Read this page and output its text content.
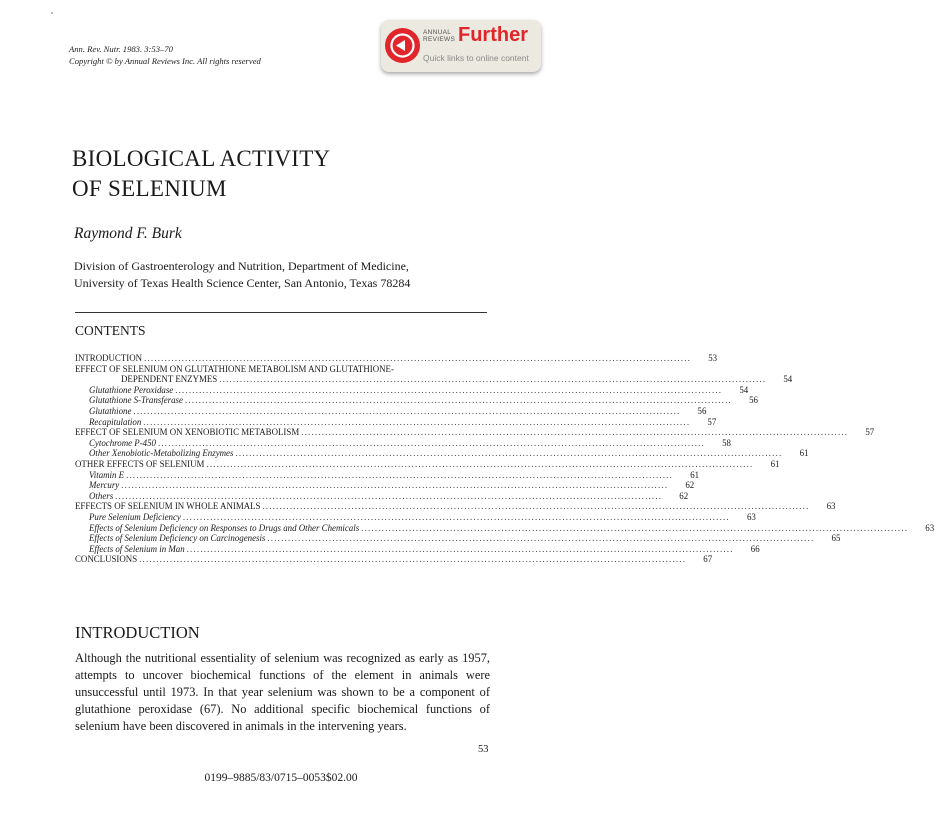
Ann. Rev. Nutr. 1983. 3:53–70
Copyright © by Annual Reviews Inc. All rights reserved
ANNUAL
REVIEWS Further
Quick links to online content
BIOLOGICAL ACTIVITY
OF SELENIUM
Raymond F. Burk
Division of Gastroenterology and Nutrition, Department of Medicine,
University of Texas Health Science Center, San Antonio, Texas 78284
CONTENTS
INTRODUCTION ................................................................................................................................................................	53
EFFECT OF SELENIUM ON GLUTATHIONE METABOLISM AND GLUTATHIONE-
DEPENDENT ENZYMES ................................................................................................................................................................	54
Glutathione Peroxidase ................................................................................................................................................................	54
Glutathione S-Transferase ................................................................................................................................................................	56
Glutathione ................................................................................................................................................................	56
Recapitulation ................................................................................................................................................................	57
EFFECT OF SELENIUM ON XENOBIOTIC METABOLISM ................................................................................................................................................................	57
Cytochrome P-450 ................................................................................................................................................................	58
Other Xenobiotic-Metabolizing Enzymes ................................................................................................................................................................	61
OTHER EFFECTS OF SELENIUM ................................................................................................................................................................	61
Vitamin E ................................................................................................................................................................	61
Mercury ................................................................................................................................................................	62
Others ................................................................................................................................................................	62
EFFECTS OF SELENIUM IN WHOLE ANIMALS ................................................................................................................................................................	63
Pure Selenium Deficiency ................................................................................................................................................................	63
Effects of Selenium Deficiency on Responses to Drugs and Other Chemicals ................................................................................................................................................................	63
Effects of Selenium Deficiency on Carcinogenesis ................................................................................................................................................................	65
Effects of Selenium in Man ................................................................................................................................................................	66
CONCLUSIONS ................................................................................................................................................................	67
INTRODUCTION
Although the nutritional essentiality of selenium was recognized as early as 1957, attempts to uncover biochemical functions of the element in animals were unsuccessful until 1973. In that year selenium was shown to be a component of glutathione peroxidase (67). No additional specific biochemical functions of selenium have been discovered in animals in the intervening years.
53
0199–9885/83/0715–0053$02.00
